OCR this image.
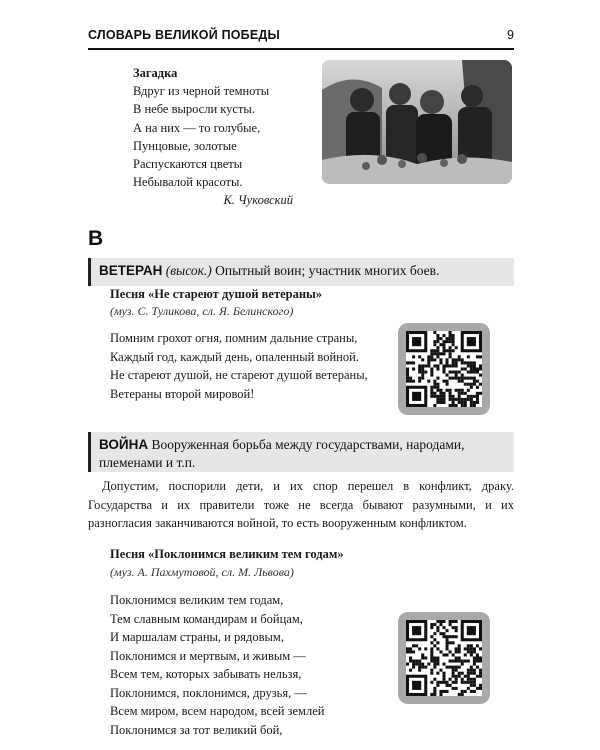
СЛОВАРЬ ВЕЛИКОЙ ПОБЕДЫ	9
Загадка
Вдруг из черной темноты
В небе выросли кусты.
А на них — то голубые,
Пунцовые, золотые
Распускаются цветы
Небывалой красоты.
К. Чуковский
В
ВЕТЕРАН (высок.) Опытный воин; участник многих боев.
Песня «Не стареют душой ветераны»
(муз. С. Туликова, сл. Я. Белинского)
Помним грохот огня, помним дальние страны,
Каждый год, каждый день, опаленный войной.
Не стареют душой, не стареют душой ветераны,
Ветераны второй мировой!
ВОЙНА Вооруженная борьба между государствами, народами, племенами и т.п.
Допустим, поспорили дети, и их спор перешел в конфликт, драку. Государства и их правители тоже не всегда бывают разумными, и их разногласия заканчиваются войной, то есть вооруженным конфликтом.
Песня «Поклонимся великим тем годам»
(муз. А. Пахмутовой, сл. М. Львова)
Поклонимся великим тем годам,
Тем славным командирам и бойцам,
И маршалам страны, и рядовым,
Поклонимся и мертвым, и живым —
Всем тем, которых забывать нельзя,
Поклонимся, поклонимся, друзья, —
Всем миром, всем народом, всей землей
Поклонимся за тот великий бой,
